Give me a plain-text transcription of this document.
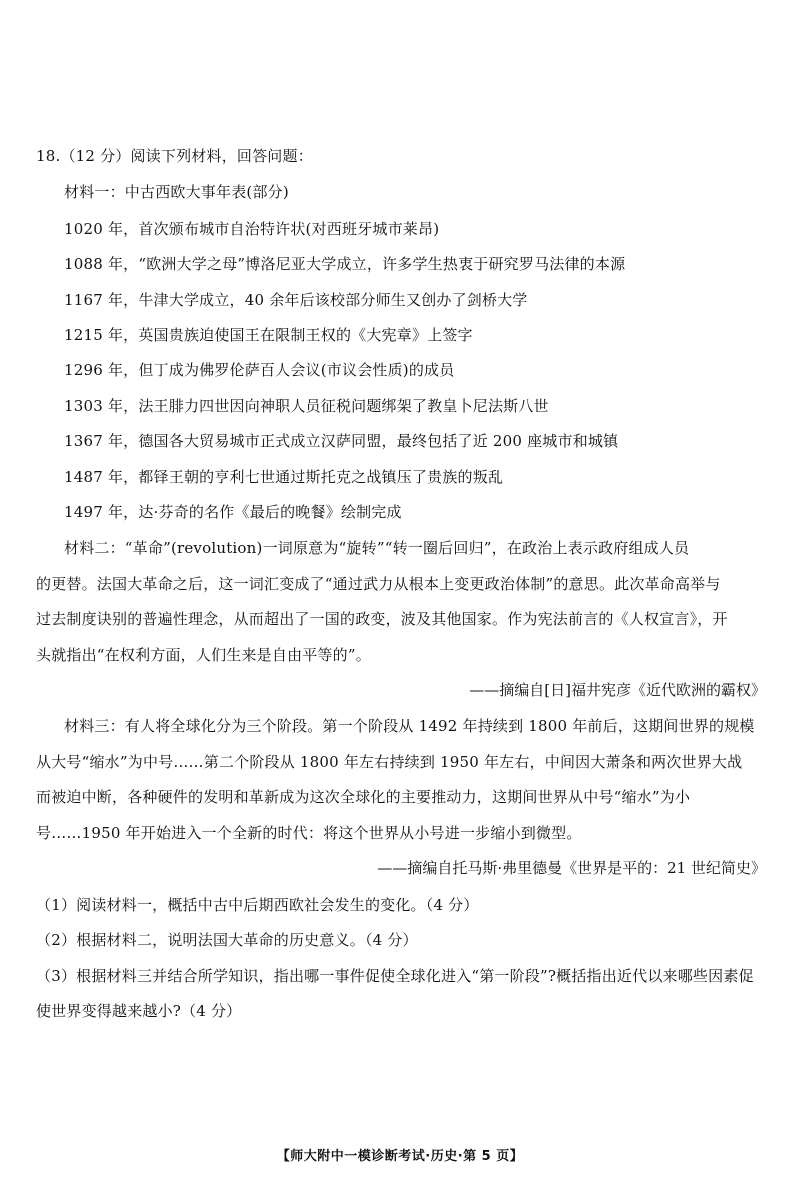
18.（12 分）阅读下列材料，回答问题：
材料一：中古西欧大事年表(部分)
1020 年，首次颁布城市自治特许状(对西班牙城市莱昂)
1088 年，“欧洲大学之母”博洛尼亚大学成立，许多学生热衷于研究罗马法律的本源
1167 年，牛津大学成立，40 余年后该校部分师生又创办了剑桥大学
1215 年，英国贵族迫使国王在限制王权的《大宪章》上签字
1296 年，但丁成为佛罗伦萨百人会议(市议会性质)的成员
1303 年，法王腓力四世因向神职人员征税问题绑架了教皇卜尼法斯八世
1367 年，德国各大贸易城市正式成立汉萨同盟，最终包括了近 200 座城市和城镇
1487 年，都铎王朝的亨利七世通过斯托克之战镇压了贵族的叛乱
1497 年，达·芬奇的名作《最后的晚餐》绘制完成
材料二：“革命”(revolution)一词原意为“旋转”“转一圈后回归”，在政治上表示政府组成人员
的更替。法国大革命之后，这一词汇变成了“通过武力从根本上变更政治体制”的意思。此次革命高举与
过去制度诀别的普遍性理念，从而超出了一国的政变，波及其他国家。作为宪法前言的《人权宣言》，开
头就指出“在权利方面，人们生来是自由平等的”。
——摘编自[日]福井宪彦《近代欧洲的霸权》
材料三：有人将全球化分为三个阶段。第一个阶段从 1492 年持续到 1800 年前后，这期间世界的规模
从大号“缩水”为中号……第二个阶段从 1800 年左右持续到 1950 年左右，中间因大萧条和两次世界大战
而被迫中断，各种硬件的发明和革新成为这次全球化的主要推动力，这期间世界从中号“缩水”为小
号……1950 年开始进入一个全新的时代：将这个世界从小号进一步缩小到微型。
——摘编自托马斯·弗里德曼《世界是平的：21 世纪简史》
（1）阅读材料一，概括中古中后期西欧社会发生的变化。（4 分）
（2）根据材料二，说明法国大革命的历史意义。（4 分）
（3）根据材料三并结合所学知识，指出哪一事件促使全球化进入“第一阶段”?概括指出近代以来哪些因素促
使世界变得越来越小?（4 分）
【师大附中一模诊断考试·历史·第 5 页】
